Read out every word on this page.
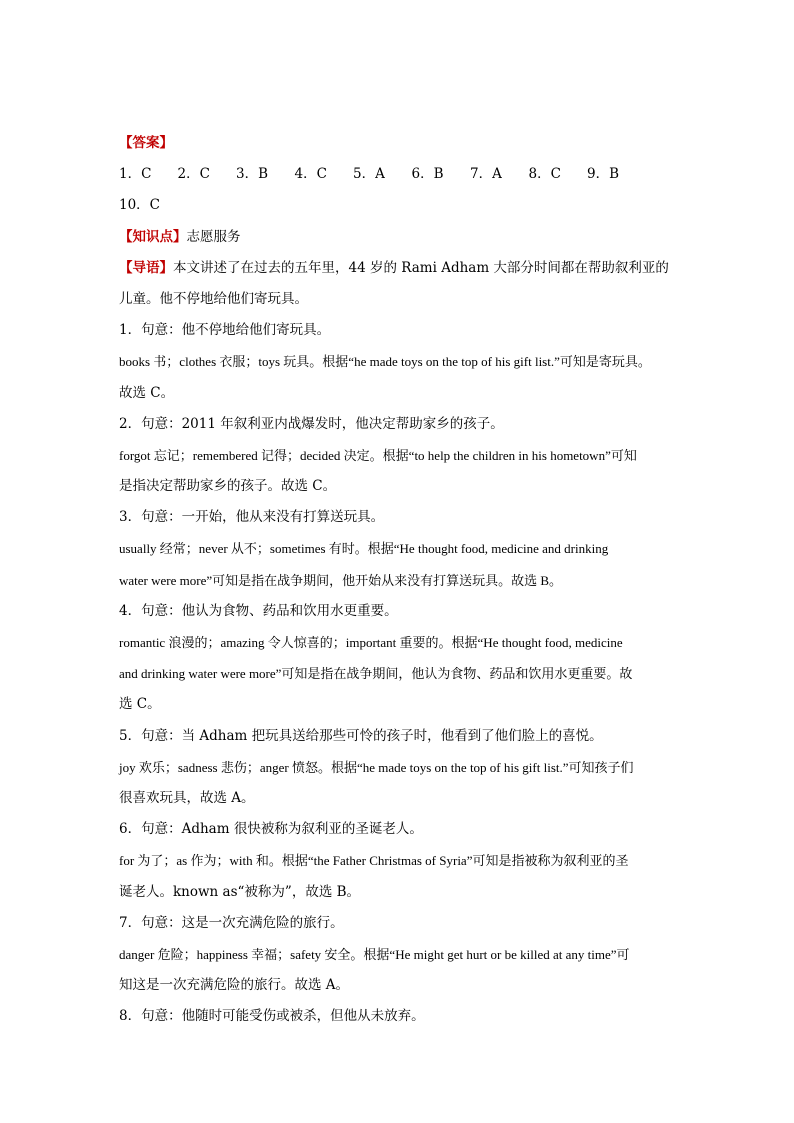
【答案】
1．C	2．C	3．B	4．C	5．A	6．B	7．A	8．C	9．B
10．C
【知识点】志愿服务
【导语】本文讲述了在过去的五年里，44 岁的 Rami Adham 大部分时间都在帮助叙利亚的
儿童。他不停地给他们寄玩具。
1．句意：他不停地给他们寄玩具。
books 书；clothes 衣服；toys 玩具。根据“he made toys on the top of his gift list.”可知是寄玩具。
故选 C。
2．句意：2011 年叙利亚内战爆发时，他决定帮助家乡的孩子。
forgot 忘记；remembered 记得；decided 决定。根据“to help the children in his hometown”可知
是指决定帮助家乡的孩子。故选 C。
3．句意：一开始，他从来没有打算送玩具。
usually 经常；never 从不；sometimes 有时。根据“He thought food, medicine and drinking
water were more”可知是指在战争期间，他开始从来没有打算送玩具。故选 B。
4．句意：他认为食物、药品和饮用水更重要。
romantic 浪漫的；amazing 令人惊喜的；important 重要的。根据“He thought food, medicine
and drinking water were more”可知是指在战争期间，他认为食物、药品和饮用水更重要。故
选 C。
5．句意：当 Adham 把玩具送给那些可怜的孩子时，他看到了他们脸上的喜悦。
joy 欢乐；sadness 悲伤；anger 愤怒。根据“he made toys on the top of his gift list.”可知孩子们
很喜欢玩具，故选 A。
6．句意：Adham 很快被称为叙利亚的圣诞老人。
for 为了；as 作为；with 和。根据“the Father Christmas of Syria”可知是指被称为叙利亚的圣
诞老人。known as“被称为”，故选 B。
7．句意：这是一次充满危险的旅行。
danger 危险；happiness 幸福；safety 安全。根据“He might get hurt or be killed at any time”可
知这是一次充满危险的旅行。故选 A。
8．句意：他随时可能受伤或被杀，但他从未放弃。
